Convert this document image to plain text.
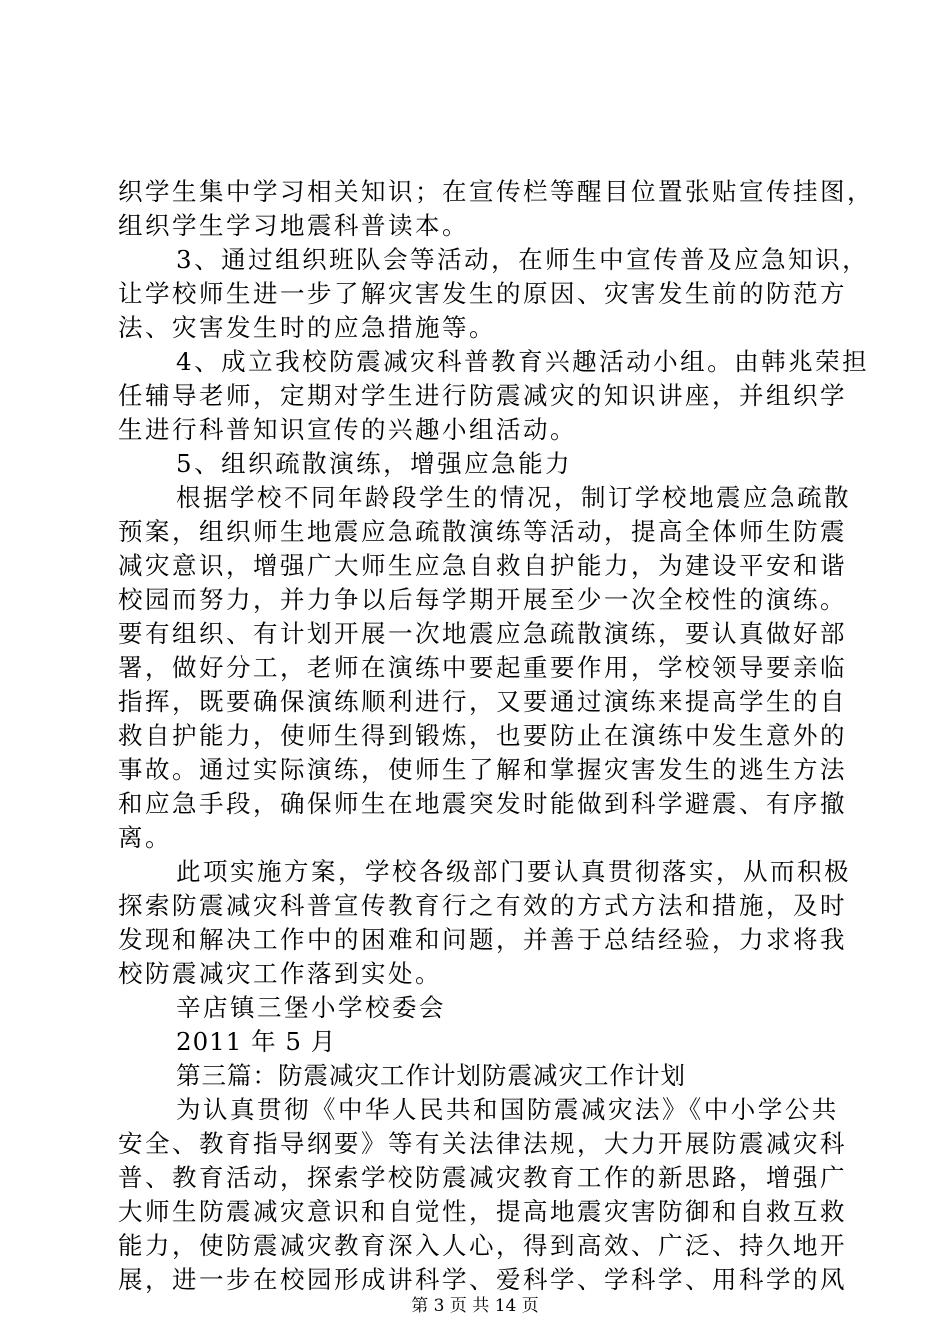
织学生集中学习相关知识；在宣传栏等醒目位置张贴宣传挂图，
组织学生学习地震科普读本。
3、通过组织班队会等活动，在师生中宣传普及应急知识，
让学校师生进一步了解灾害发生的原因、灾害发生前的防范方
法、灾害发生时的应急措施等。
4、成立我校防震减灾科普教育兴趣活动小组。由韩兆荣担
任辅导老师，定期对学生进行防震减灾的知识讲座，并组织学
生进行科普知识宣传的兴趣小组活动。
5、组织疏散演练，增强应急能力
根据学校不同年龄段学生的情况，制订学校地震应急疏散
预案，组织师生地震应急疏散演练等活动，提高全体师生防震
减灾意识，增强广大师生应急自救自护能力，为建设平安和谐
校园而努力，并力争以后每学期开展至少一次全校性的演练。
要有组织、有计划开展一次地震应急疏散演练，要认真做好部
署，做好分工，老师在演练中要起重要作用，学校领导要亲临
指挥，既要确保演练顺利进行，又要通过演练来提高学生的自
救自护能力，使师生得到锻炼，也要防止在演练中发生意外的
事故。通过实际演练，使师生了解和掌握灾害发生的逃生方法
和应急手段，确保师生在地震突发时能做到科学避震、有序撤
离。
此项实施方案，学校各级部门要认真贯彻落实，从而积极
探索防震减灾科普宣传教育行之有效的方式方法和措施，及时
发现和解决工作中的困难和问题，并善于总结经验，力求将我
校防震减灾工作落到实处。
辛店镇三堡小学校委会
2011 年 5 月
第三篇：防震减灾工作计划防震减灾工作计划
为认真贯彻《中华人民共和国防震减灾法》《中小学公共
安全、教育指导纲要》等有关法律法规，大力开展防震减灾科
普、教育活动，探索学校防震减灾教育工作的新思路，增强广
大师生防震减灾意识和自觉性，提高地震灾害防御和自救互救
能力，使防震减灾教育深入人心，得到高效、广泛、持久地开
展，进一步在校园形成讲科学、爱科学、学科学、用科学的风
第 3 页 共 14 页
